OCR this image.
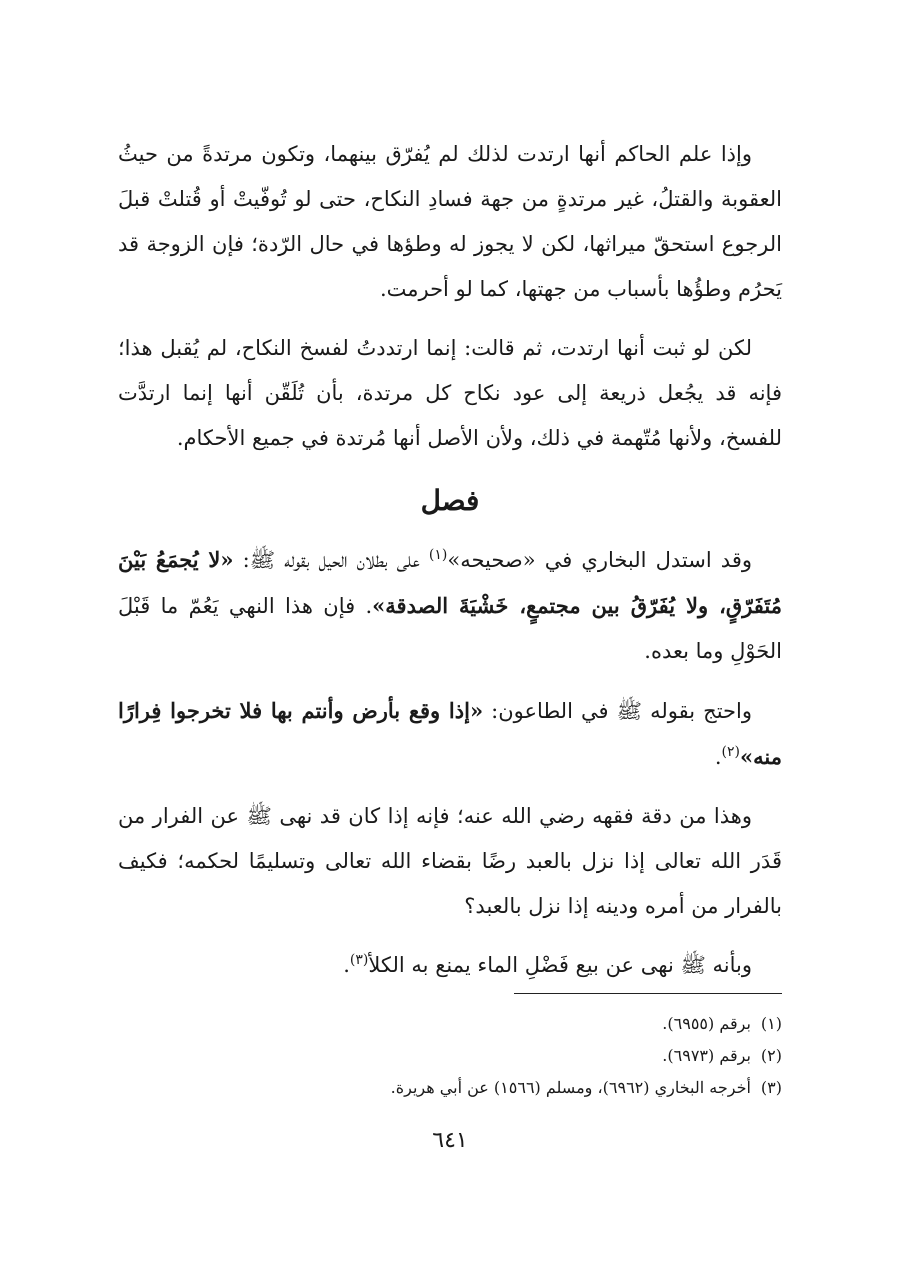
وإذا علم الحاكم أنها ارتدت لذلك لم يُفرّق بينهما، وتكون مرتدةً من حيثُ العقوبة والقتلُ، غير مرتدةٍ من جهة فسادِ النكاح، حتى لو تُوفّيتْ أو قُتلتْ قبلَ الرجوع استحقّ ميراثها، لكن لا يجوز له وطؤها في حال الرّدة؛ فإن الزوجة قد يَحرُم وطؤُها بأسباب من جهتها، كما لو أحرمت.

لكن لو ثبت أنها ارتدت، ثم قالت: إنما ارتددتُ لفسخ النكاح، لم يُقبل هذا؛ فإنه قد يجُعل ذريعة إلى عود نكاح كل مرتدة، بأن تُلَقّن أنها إنما ارتدَّت للفسخ، ولأنها مُتّهمة في ذلك، ولأن الأصل أنها مُرتدة في جميع الأحكام.

فصل

وقد استدل البخاري في «صحيحه»$^{(١)}$ على بطلان الحيل بقوله ﷺ: «لا يُجمَعُ بَيْنَ مُتَفَرّقٍ، ولا يُفَرّقُ بين مجتمعٍ، خَشْيَةَ الصدقة». فإن هذا النهي يَعُمّ ما قَبْلَ الحَوْلِ وما بعده.

واحتج بقوله ﷺ في الطاعون: «إذا وقع بأرض وأنتم بها فلا تخرجوا فِرارًا منه»$^{(٢)}$.

وهذا من دقة فقهه رضي الله عنه؛ فإنه إذا كان قد نهى ﷺ عن الفرار من قَدَر الله تعالى إذا نزل بالعبد رضًا بقضاء الله تعالى وتسليمًا لحكمه؛ فكيف بالفرار من أمره ودينه إذا نزل بالعبد؟

وبأنه ﷺ نهى عن بيع فَضْلِ الماء يمنع به الكلأ$^{(٣)}$.

(١)برقم (٦٩٥٥).

(٢)برقم (٦٩٧٣).

(٣)أخرجه البخاري (٦٩٦٢)، ومسلم (١٥٦٦) عن أبي هريرة.

٦٤١
